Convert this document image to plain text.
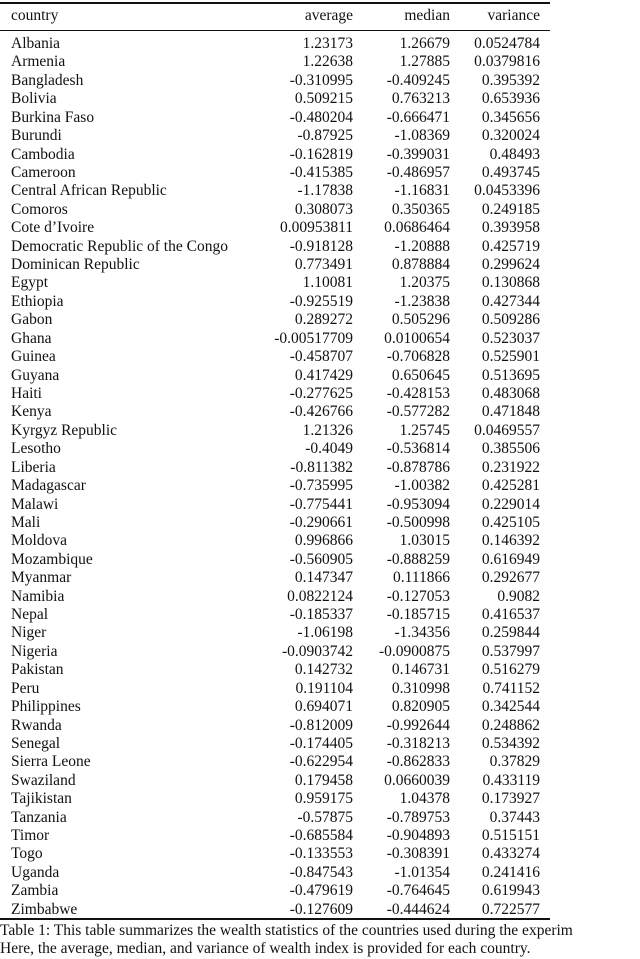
country	average	median variance
Albania	1.23173	1.26679 0.0524784
Armenia	1.22638	1.27885 0.0379816
Bangladesh	-0.310995 -0.409245 0.395392
Bolivia	0.509215	0.763213 0.653936
Burkina Faso	-0.480204 -0.666471 0.345656
Burundi	-0.87925	-1.08369 0.320024
Cambodia	-0.162819 -0.399031	0.48493
Cameroon	-0.415385 -0.486957 0.493745
Central African Republic	-1.17838	-1.16831 0.0453396
Comoros	0.308073	0.350365 0.249185
Cote d’Ivoire	0.00953811 0.0686464 0.393958
Democratic Republic of the Congo	-0.918128	-1.20888 0.425719
Dominican Republic	0.773491	0.878884 0.299624
Egypt	1.10081	1.20375 0.130868
Ethiopia	-0.925519	-1.23838 0.427344
Gabon	0.289272	0.505296 0.509286
Ghana	-0.00517709 0.0100654 0.523037
Guinea	-0.458707 -0.706828 0.525901
Guyana	0.417429	0.650645 0.513695
Haiti	-0.277625 -0.428153 0.483068
Kenya	-0.426766 -0.577282 0.471848
Kyrgyz Republic	1.21326	1.25745 0.0469557
Lesotho	-0.4049 -0.536814 0.385506
Liberia	-0.811382 -0.878786 0.231922
Madagascar	-0.735995	-1.00382 0.425281
Malawi	-0.775441 -0.953094 0.229014
Mali	-0.290661 -0.500998 0.425105
Moldova	0.996866	1.03015 0.146392
Mozambique	-0.560905 -0.888259 0.616949
Myanmar	0.147347	0.111866 0.292677
Namibia	0.0822124 -0.127053	0.9082
Nepal	-0.185337 -0.185715 0.416537
Niger	-1.06198	-1.34356 0.259844
Nigeria	-0.0903742 -0.0900875 0.537997
Pakistan	0.142732	0.146731 0.516279
Peru	0.191104	0.310998 0.741152
Philippines	0.694071	0.820905 0.342544
Rwanda	-0.812009 -0.992644 0.248862
Senegal	-0.174405 -0.318213 0.534392
Sierra Leone	-0.622954 -0.862833	0.37829
Swaziland	0.179458 0.0660039 0.433119
Tajikistan	0.959175	1.04378 0.173927
Tanzania	-0.57875 -0.789753	0.37443
Timor	-0.685584 -0.904893 0.515151
Togo	-0.133553 -0.308391 0.433274
Uganda	-0.847543	-1.01354 0.241416
Zambia	-0.479619 -0.764645 0.619943
Zimbabwe	-0.127609 -0.444624 0.722577
Table 1: This table summarizes the wealth statistics of the countries used during the experim
Here, the average, median, and variance of wealth index is provided for each country.
